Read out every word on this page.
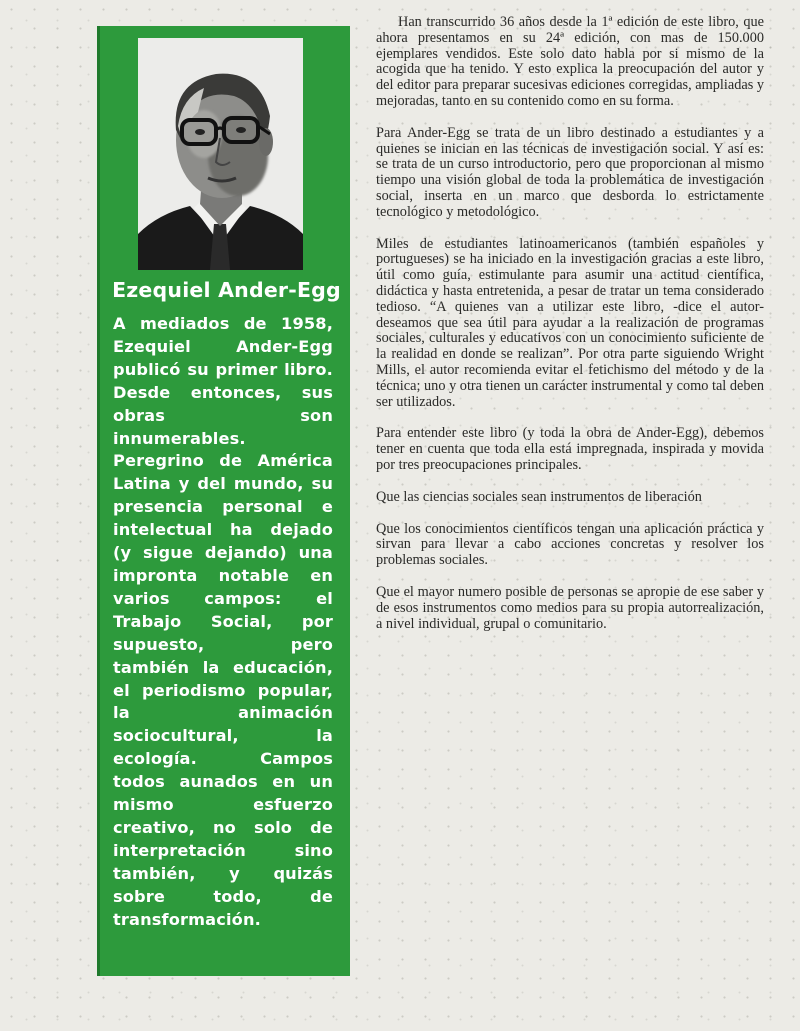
Ezequiel Ander-Egg
A mediados de 1958, Ezequiel Ander-Egg publicó su primer libro. Desde entonces, sus obras son innumerables. Peregrino de América Latina y del mundo, su presencia personal e intelectual ha dejado (y sigue dejando) una impronta notable en varios campos: el Trabajo Social, por supuesto, pero también la educación, el periodismo popular, la animación sociocultural, la ecología. Campos todos aunados en un mismo esfuerzo creativo, no solo de interpretación sino también, y quizás sobre todo, de transformación.

Han transcurrido 36 años desde la 1ª edición de este libro, que ahora presentamos en su 24ª edición, con mas de 150.000 ejemplares vendidos. Este solo dato habla por si mismo de la acogida que ha tenido. Y esto explica la preocupación del autor y del editor para preparar sucesivas ediciones corregidas, ampliadas y mejoradas, tanto en su contenido como en su forma.

Para Ander-Egg se trata de un libro destinado a estudiantes y a quienes se inician en las técnicas de investigación social. Y así es: se trata de un curso introductorio, pero que proporcionan al mismo tiempo una visión global de toda la problemática de investigación social, inserta en un marco que desborda lo estrictamente tecnológico y metodológico.

Miles de estudiantes latinoamericanos (también españoles y portugueses) se ha iniciado en la investigación gracias a este libro, útil como guía, estimulante para asumir una actitud científica, didáctica y hasta entretenida, a pesar de tratar un tema considerado tedioso. “A quienes van a utilizar este libro, -dice el autor- deseamos que sea útil para ayudar a la realización de programas sociales, culturales y educativos con un conocimiento suficiente de la realidad en donde se realizan”. Por otra parte siguiendo Wright Mills, el autor recomienda evitar el fetichismo del método y de la técnica; uno y otra tienen un carácter instrumental y como tal deben ser utilizados.

Para entender este libro (y toda la obra de Ander-Egg), debemos tener en cuenta que toda ella está impregnada, inspirada y movida por tres preocupaciones principales.

Que las ciencias sociales sean instrumentos de liberación

Que los conocimientos científicos tengan una aplicación práctica y sirvan para llevar a cabo acciones concretas y resolver los problemas sociales.

Que el mayor numero posible de personas se apropie de ese saber y de esos instrumentos como medios para su propia autorrealización, a nivel individual, grupal o comunitario.
